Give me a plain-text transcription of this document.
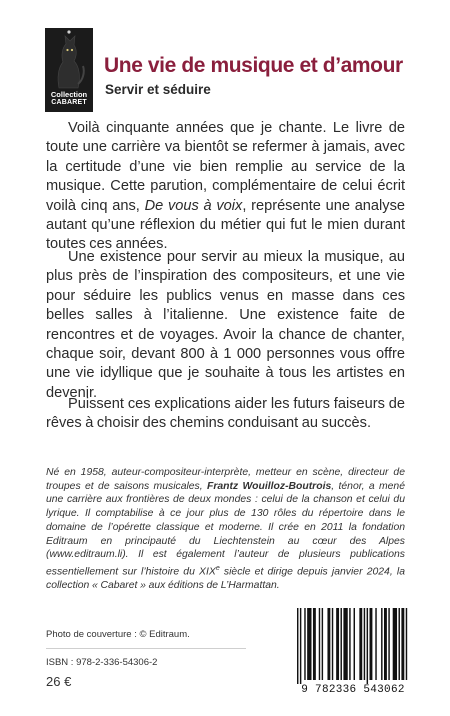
Collection
CABARET
Une vie de musique et d’amour
Servir et séduire

Voilà cinquante années que je chante. Le livre de toute une carrière va bientôt se refermer à jamais, avec la certitude d’une vie bien remplie au service de la musique. Cette parution, complémentaire de celui écrit voilà cinq ans, De vous à voix, représente une analyse autant qu’une réflexion du métier qui fut le mien durant toutes ces années.

Une existence pour servir au mieux la musique, au plus près de l’inspiration des compositeurs, et une vie pour séduire les publics venus en masse dans ces belles salles à l’italienne. Une existence faite de rencontres et de voyages. Avoir la chance de chanter, chaque soir, devant 800 à 1 000 personnes vous offre une vie idyllique que je souhaite à tous les artistes en devenir.

Puissent ces explications aider les futurs faiseurs de rêves à choisir des chemins conduisant au succès.

Né en 1958, auteur-compositeur-interprète, metteur en scène, directeur de troupes et de saisons musicales, Frantz Wouilloz-Boutrois, ténor, a mené une carrière aux frontières de deux mondes : celui de la chanson et celui du lyrique. Il comptabilise à ce jour plus de 130 rôles du répertoire dans le domaine de l’opérette classique et moderne. Il crée en 2011 la fondation Editraum en principauté du Liechtenstein au cœur des Alpes (www.editraum.li). Il est également l’auteur de plusieurs publications essentiellement sur l’histoire du XIXe siècle et dirige depuis janvier 2024, la collection « Cabaret » aux éditions de L’Harmattan.

Photo de couverture : © Editraum.
ISBN : 978-2-336-54306-2
26 €
9 782336 543062
